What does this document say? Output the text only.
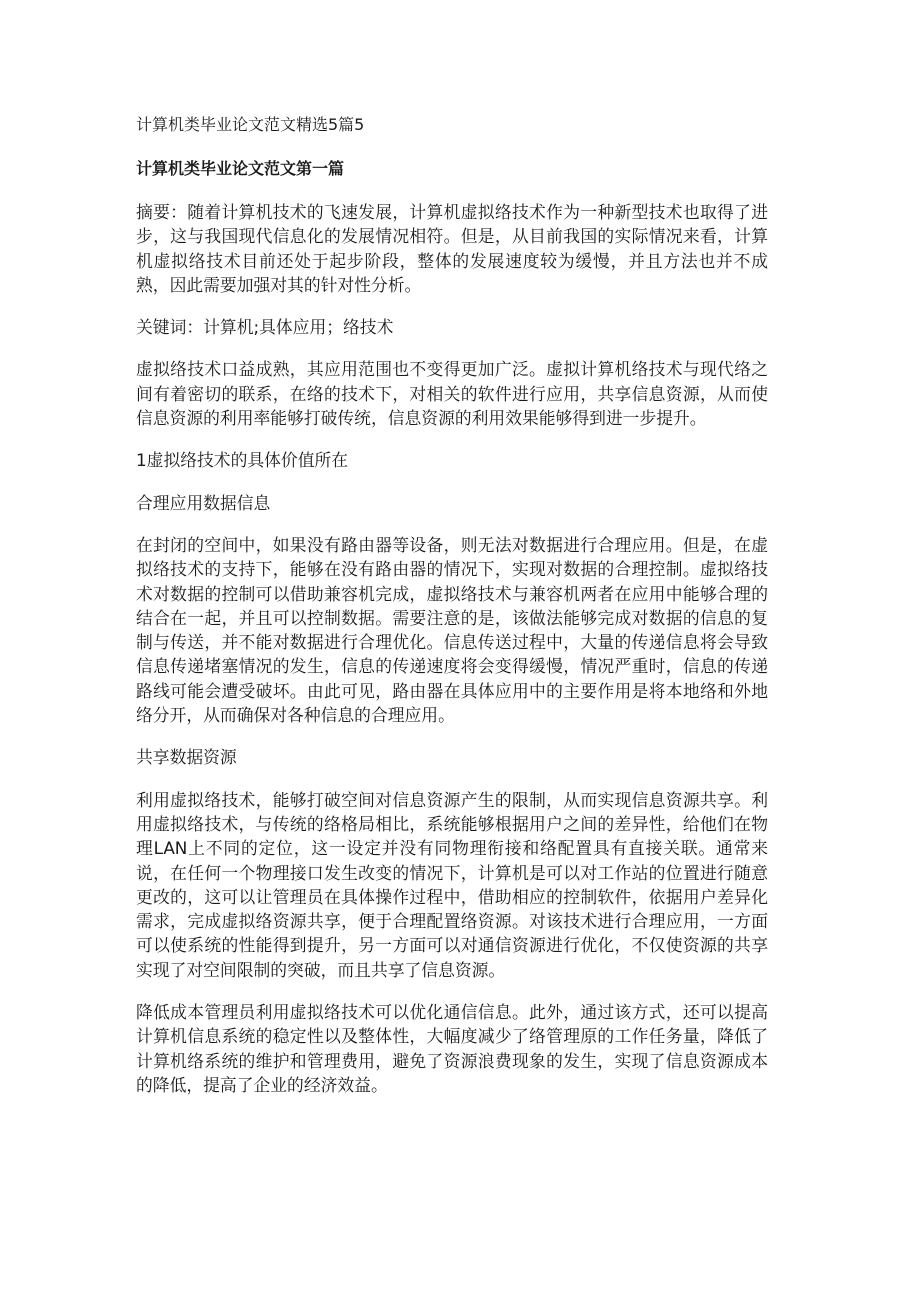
计算机类毕业论文范文精选5篇5
计算机类毕业论文范文第一篇

摘要：随着计算机技术的飞速发展，计算机虚拟络技术作为一种新型技术也取得了进步，这与我国现代信息化的发展情况相符。但是，从目前我国的实际情况来看，计算机虚拟络技术目前还处于起步阶段，整体的发展速度较为缓慢，并且方法也并不成熟，因此需要加强对其的针对性分析。

关键词：计算机;具体应用；络技术

虚拟络技术口益成熟，其应用范围也不变得更加广泛。虚拟计算机络技术与现代络之间有着密切的联系，在络的技术下，对相关的软件进行应用，共享信息资源，从而使信息资源的利用率能够打破传统，信息资源的利用效果能够得到进一步提升。

1虚拟络技术的具体价值所在
合理应用数据信息

在封闭的空间中，如果没有路由器等设备，则无法对数据进行合理应用。但是，在虚拟络技术的支持下，能够在没有路由器的情况下，实现对数据的合理控制。虚拟络技术对数据的控制可以借助兼容机完成，虚拟络技术与兼容机两者在应用中能够合理的结合在一起，并且可以控制数据。需要注意的是，该做法能够完成对数据的信息的复制与传送，并不能对数据进行合理优化。信息传送过程中，大量的传递信息将会导致信息传递堵塞情况的发生，信息的传递速度将会变得缓慢，情况严重时，信息的传递路线可能会遭受破坏。由此可见，路由器在具体应用中的主要作用是将本地络和外地络分开，从而确保对各种信息的合理应用。

共享数据资源

利用虚拟络技术，能够打破空间对信息资源产生的限制，从而实现信息资源共享。利用虚拟络技术，与传统的络格局相比，系统能够根据用户之间的差异性，给他们在物理LAN上不同的定位，这一设定并没有同物理衔接和络配置具有直接关联。通常来说，在任何一个物理接口发生改变的情况下，计算机是可以对工作站的位置进行随意更改的，这可以让管理员在具体操作过程中，借助相应的控制软件，依据用户差异化需求，完成虚拟络资源共享，便于合理配置络资源。对该技术进行合理应用，一方面可以使系统的性能得到提升，另一方面可以对通信资源进行优化，不仅使资源的共享实现了对空间限制的突破，而且共享了信息资源。

降低成本管理员利用虚拟络技术可以优化通信信息。此外，通过该方式，还可以提高计算机信息系统的稳定性以及整体性，大幅度减少了络管理原的工作任务量，降低了计算机络系统的维护和管理费用，避免了资源浪费现象的发生，实现了信息资源成本的降低，提高了企业的经济效益。
